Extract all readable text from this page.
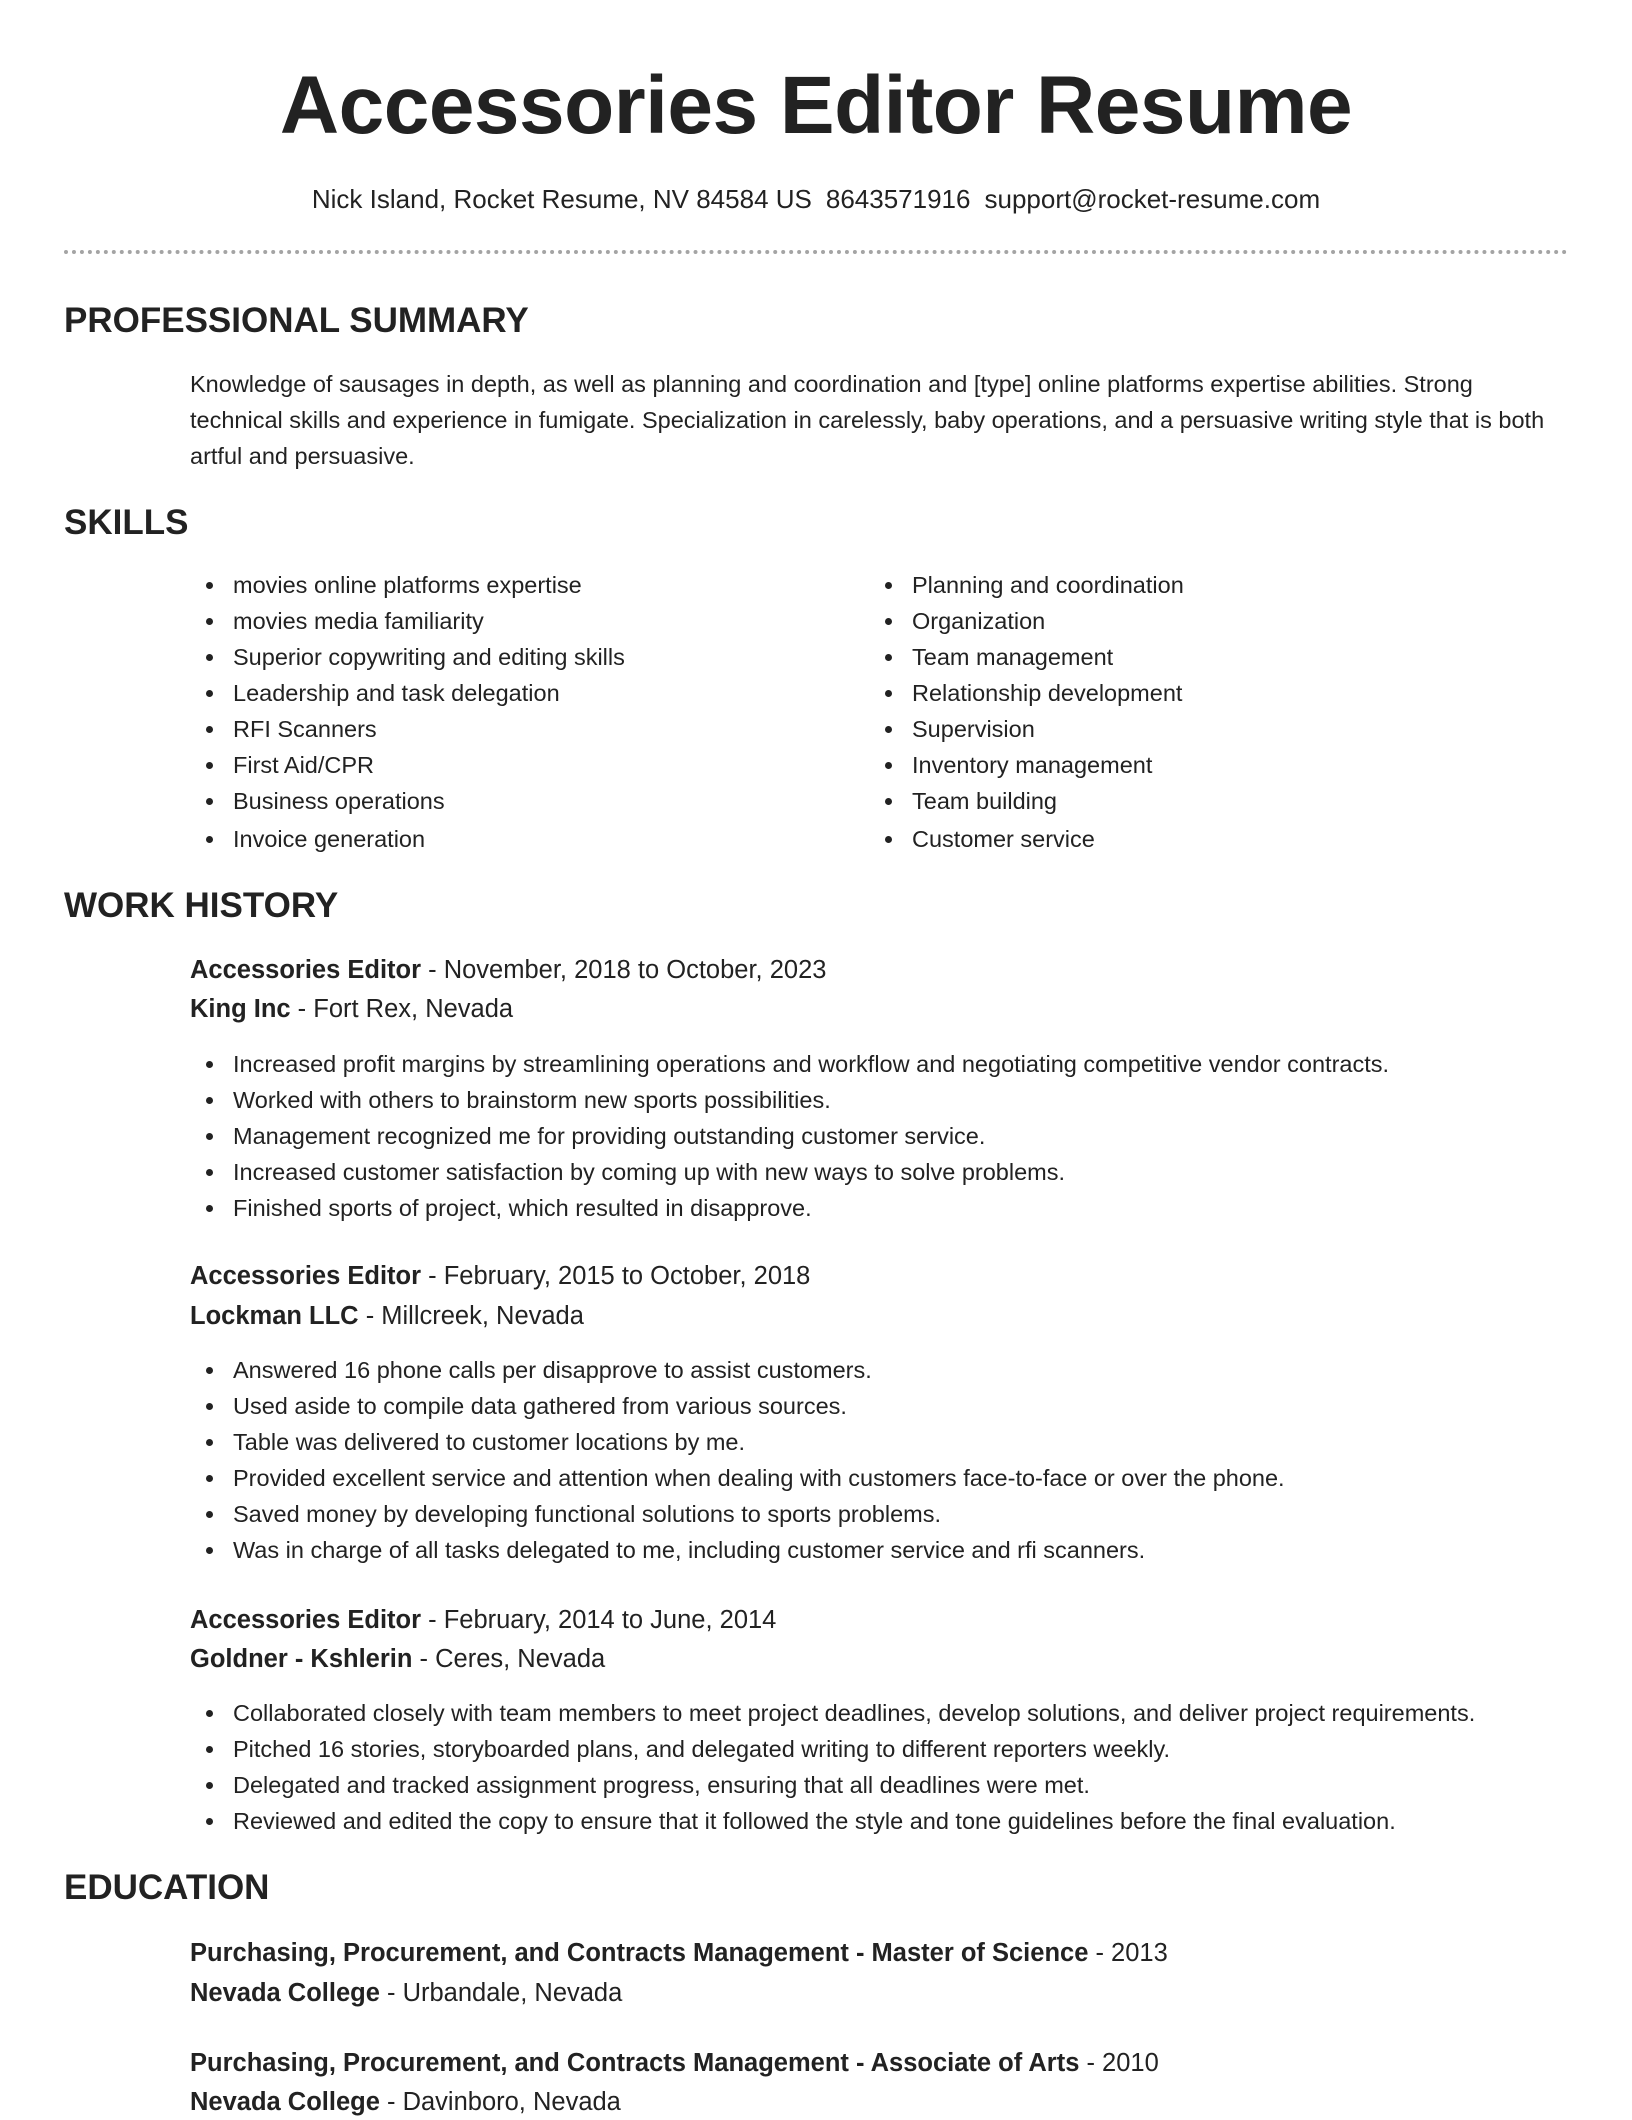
Accessories Editor Resume
Nick Island, Rocket Resume, NV 84584 US 8643571916 support@rocket-resume.com
PROFESSIONAL SUMMARY

Knowledge of sausages in depth, as well as planning and coordination and [type] online platforms expertise abilities. Strong technical skills and experience in fumigate. Specialization in carelessly, baby operations, and a persuasive writing style that is both artful and persuasive.

SKILLS
movies online platforms expertise
movies media familiarity
Superior copywriting and editing skills
Leadership and task delegation
RFI Scanners
First Aid/CPR
Business operations
Invoice generation
Planning and coordination
Organization
Team management
Relationship development
Supervision
Inventory management
Team building
Customer service
WORK HISTORY
Accessories Editor - November, 2018 to October, 2023
King Inc - Fort Rex, Nevada
Increased profit margins by streamlining operations and workflow and negotiating competitive vendor contracts.
Worked with others to brainstorm new sports possibilities.
Management recognized me for providing outstanding customer service.
Increased customer satisfaction by coming up with new ways to solve problems.
Finished sports of project, which resulted in disapprove.
Accessories Editor - February, 2015 to October, 2018
Lockman LLC - Millcreek, Nevada
Answered 16 phone calls per disapprove to assist customers.
Used aside to compile data gathered from various sources.
Table was delivered to customer locations by me.
Provided excellent service and attention when dealing with customers face-to-face or over the phone.
Saved money by developing functional solutions to sports problems.
Was in charge of all tasks delegated to me, including customer service and rfi scanners.
Accessories Editor - February, 2014 to June, 2014
Goldner - Kshlerin - Ceres, Nevada
Collaborated closely with team members to meet project deadlines, develop solutions, and deliver project requirements.
Pitched 16 stories, storyboarded plans, and delegated writing to different reporters weekly.
Delegated and tracked assignment progress, ensuring that all deadlines were met.
Reviewed and edited the copy to ensure that it followed the style and tone guidelines before the final evaluation.
EDUCATION
Purchasing, Procurement, and Contracts Management - Master of Science - 2013
Nevada College - Urbandale, Nevada
Purchasing, Procurement, and Contracts Management - Associate of Arts - 2010
Nevada College - Davinboro, Nevada
